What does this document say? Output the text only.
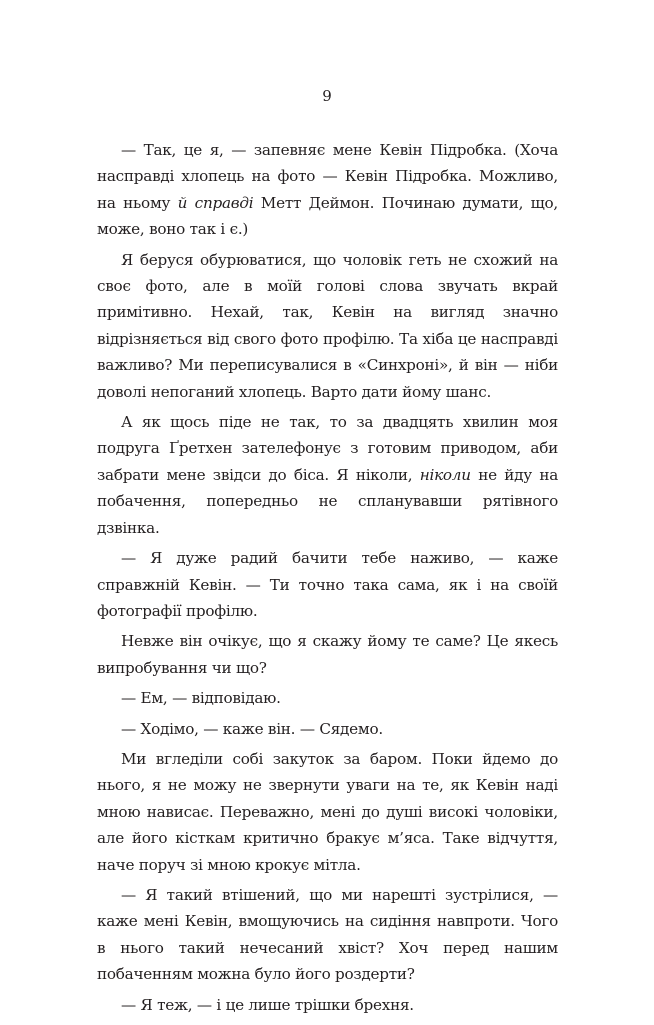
9

— Так, це я, — запевняє мене Кевін Підробка. (Хоча насправді хлопець на фото — Кевін Підробка. Можливо, на ньому й справді Метт Деймон. Починаю думати, що, може, воно так і є.)

Я беруся обурюватися, що чоловік геть не схожий на своє фото, але в моїй голові слова звучать вкрай примітивно. Нехай, так, Кевін на вигляд значно відрізняється від свого фото профілю. Та хіба це насправді важливо? Ми переписувалися в «Синхроні», й він — ніби доволі непоганий хлопець. Варто дати йому шанс.

А як щось піде не так, то за двадцять хвилин моя подруга Ґретхен зателефонує з готовим приводом, аби забрати мене звідси до біса. Я ніколи, ніколи не йду на побачення, попередньо не спланувавши рятівного дзвінка.

— Я дуже радий бачити тебе наживо, — каже справжній Кевін. — Ти точно така сама, як і на своїй фотографії профілю.

Невже він очікує, що я скажу йому те саме? Це якесь випробування чи що?

— Ем, — відповідаю.

— Ходімо, — каже він. — Сядемо.

Ми вгледіли собі закуток за баром. Поки йдемо до нього, я не можу не звернути уваги на те, як Кевін наді мною нависає. Переважно, мені до душі високі чоловіки, але його кісткам критично бракує м’яса. Таке відчуття, наче поруч зі мною крокує мітла.

— Я такий втішений, що ми нарешті зустрілися, — каже мені Кевін, вмощуючись на сидіння навпроти. Чого в нього такий нечесаний хвіст? Хоч перед нашим побаченням можна було його роздерти?

— Я теж, — і це лише трішки брехня.
